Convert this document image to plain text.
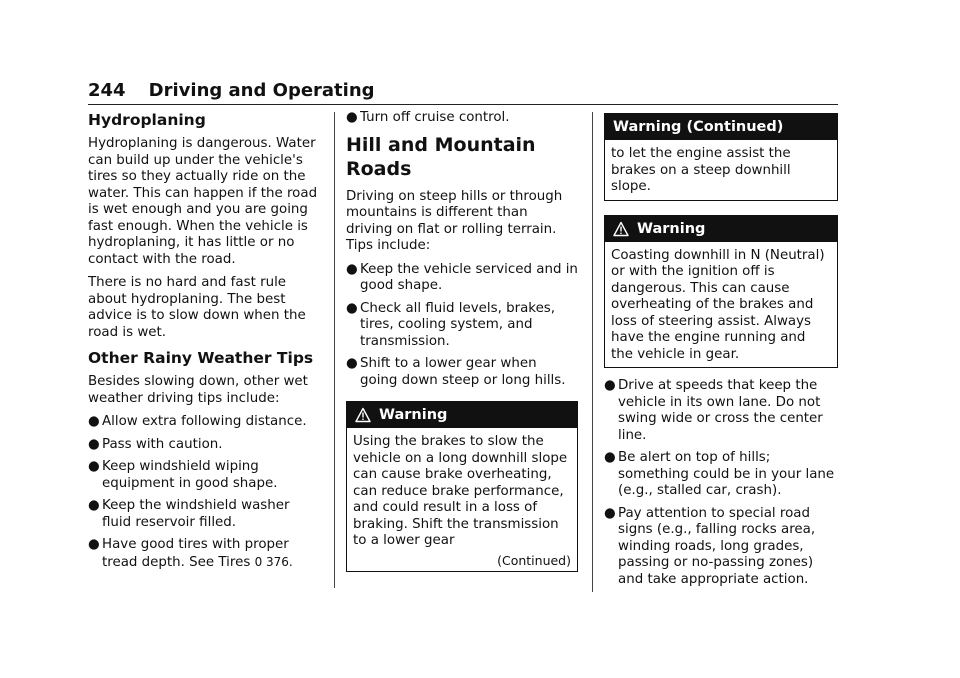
244 Driving and Operating
Hydroplaning

Hydroplaning is dangerous. Water can build up under the vehicle's tires so they actually ride on the water. This can happen if the road is wet enough and you are going fast enough. When the vehicle is hydroplaning, it has little or no contact with the road.

There is no hard and fast rule about hydroplaning. The best advice is to slow down when the road is wet.

Other Rainy Weather Tips

Besides slowing down, other wet weather driving tips include:

● Allow extra following distance.
● Pass with caution.
● Keep windshield wiping equipment in good shape.
● Keep the windshield washer fluid reservoir filled.
● Have good tires with proper tread depth. See Tires 0 376.
● Turn off cruise control.
Hill and Mountain Roads

Driving on steep hills or through mountains is different than driving on flat or rolling terrain. Tips include:

● Keep the vehicle serviced and in good shape.
● Check all fluid levels, brakes, tires, cooling system, and transmission.
● Shift to a lower gear when going down steep or long hills.
Warning
Using the brakes to slow the vehicle on a long downhill slope can cause brake overheating, can reduce brake performance, and could result in a loss of braking. Shift the transmission to a lower gear
(Continued)
Warning (Continued)
to let the engine assist the brakes on a steep downhill slope.
Warning
Coasting downhill in N (Neutral) or with the ignition off is dangerous. This can cause overheating of the brakes and loss of steering assist. Always have the engine running and the vehicle in gear.
● Drive at speeds that keep the vehicle in its own lane. Do not swing wide or cross the center line.
● Be alert on top of hills; something could be in your lane (e.g., stalled car, crash).
● Pay attention to special road signs (e.g., falling rocks area, winding roads, long grades, passing or no-passing zones) and take appropriate action.
